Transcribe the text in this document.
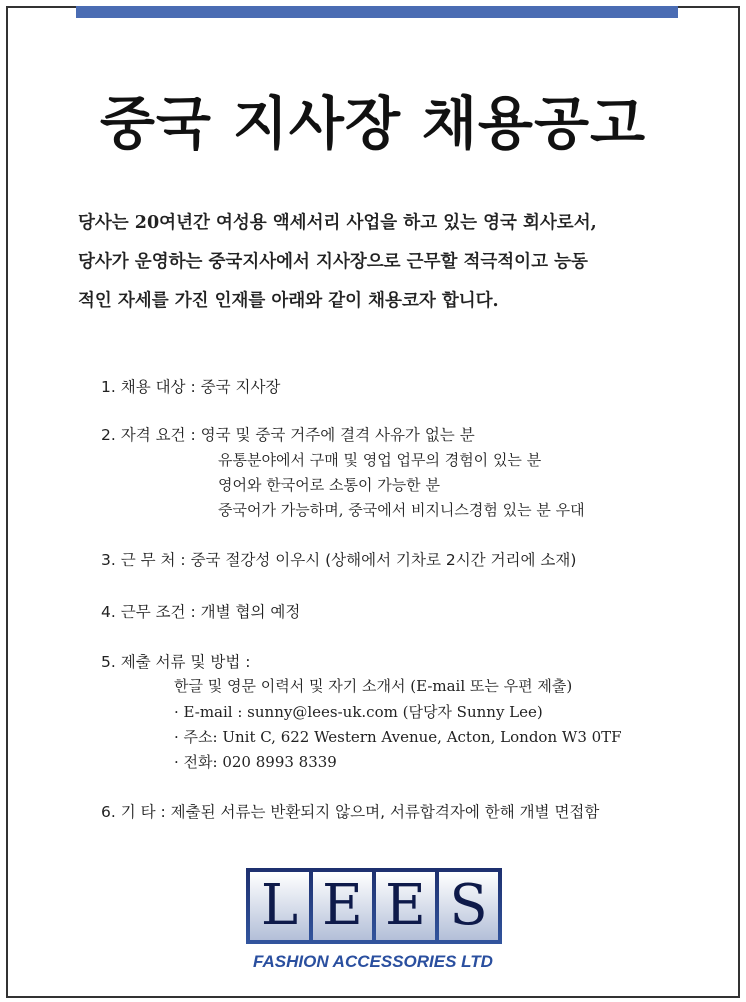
중국 지사장 채용공고
당사는 20여년간 여성용 액세서리 사업을 하고 있는 영국 회사로서,
당사가 운영하는 중국지사에서 지사장으로 근무할 적극적이고 능동
적인 자세를 가진 인재를 아래와 같이 채용코자 합니다.
1. 채용 대상 : 중국 지사장
2. 자격 요건 : 영국 및 중국 거주에 결격 사유가 없는 분
유통분야에서 구매 및 영업 업무의 경험이 있는 분
영어와 한국어로 소통이 가능한 분
중국어가 가능하며, 중국에서 비지니스경험 있는 분 우대
3. 근 무 처 : 중국 절강성 이우시 (상해에서 기차로 2시간 거리에 소재)
4. 근무 조건 : 개별 협의 예정
5. 제출 서류 및 방법 :
한글 및 영문 이력서 및 자기 소개서 (E-mail 또는 우편 제출)
· E-mail : sunny@lees-uk.com (담당자 Sunny Lee)
· 주소: Unit C, 622 Western Avenue, Acton, London W3 0TF
· 전화: 020 8993 8339
6. 기 타 : 제출된 서류는 반환되지 않으며, 서류합격자에 한해 개별 면접함
L E E S
FASHION ACCESSORIES LTD
